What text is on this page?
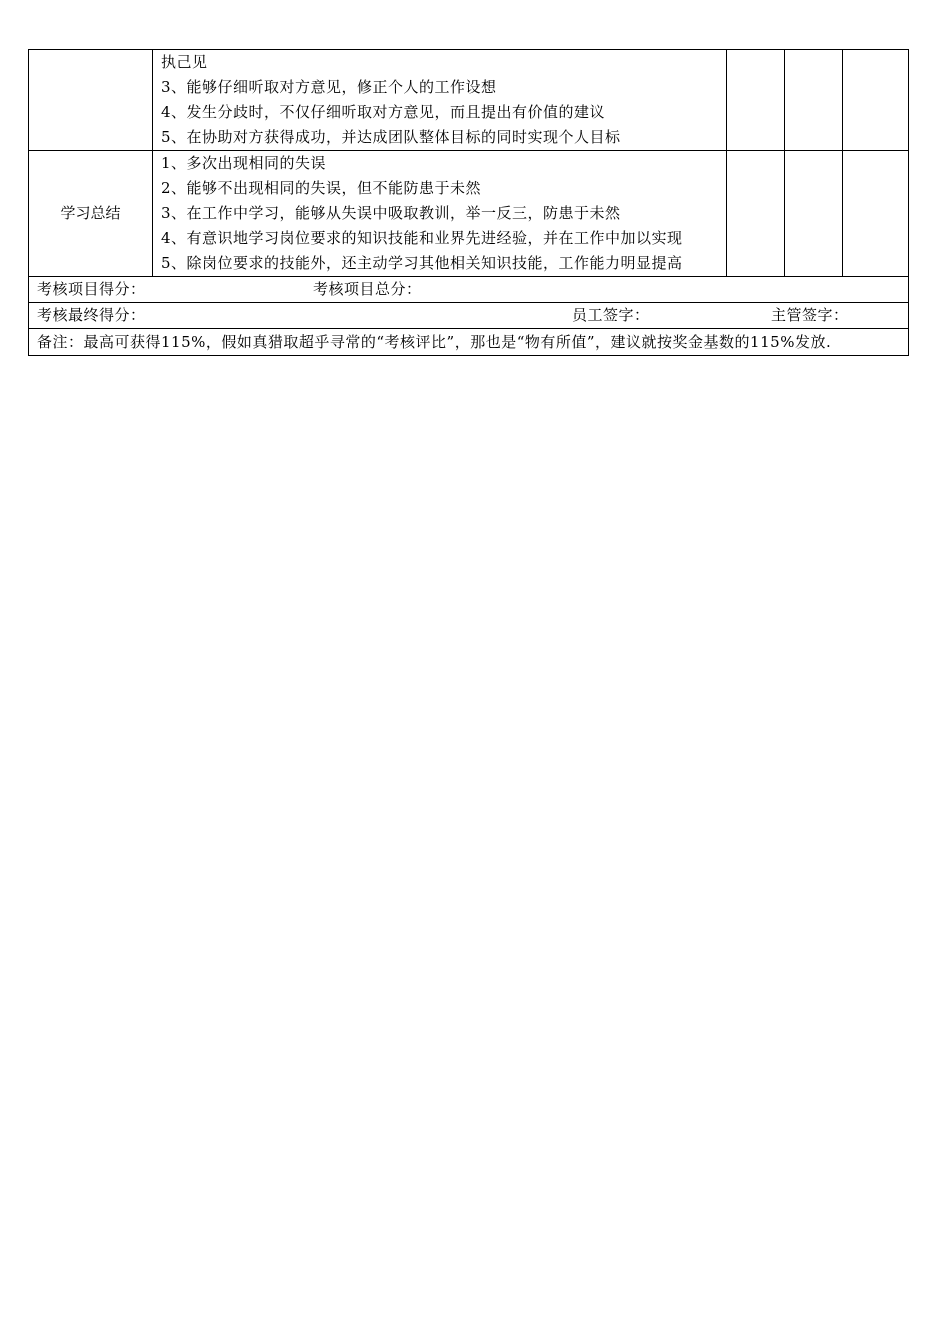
	执己见
3、能够仔细听取对方意见，修正个人的工作设想
4、发生分歧时，不仅仔细听取对方意见，而且提出有价值的建议
5、在协助对方获得成功，并达成团队整体目标的同时实现个人目标			

学习总结	1、多次出现相同的失误
2、能够不出现相同的失误，但不能防患于未然
3、在工作中学习，能够从失误中吸取教训，举一反三，防患于未然
4、有意识地学习岗位要求的知识技能和业界先进经验，并在工作中加以实现
5、除岗位要求的技能外，还主动学习其他相关知识技能，工作能力明显提高			

考核项目得分： 考核项目总分：				

考核最终得分： 员工签字： 主管签字：				

备注：最高可获得115%，假如真猎取超乎寻常的“考核评比”，那也是“物有所值”，建议就按奖金基数的115%发放.				
